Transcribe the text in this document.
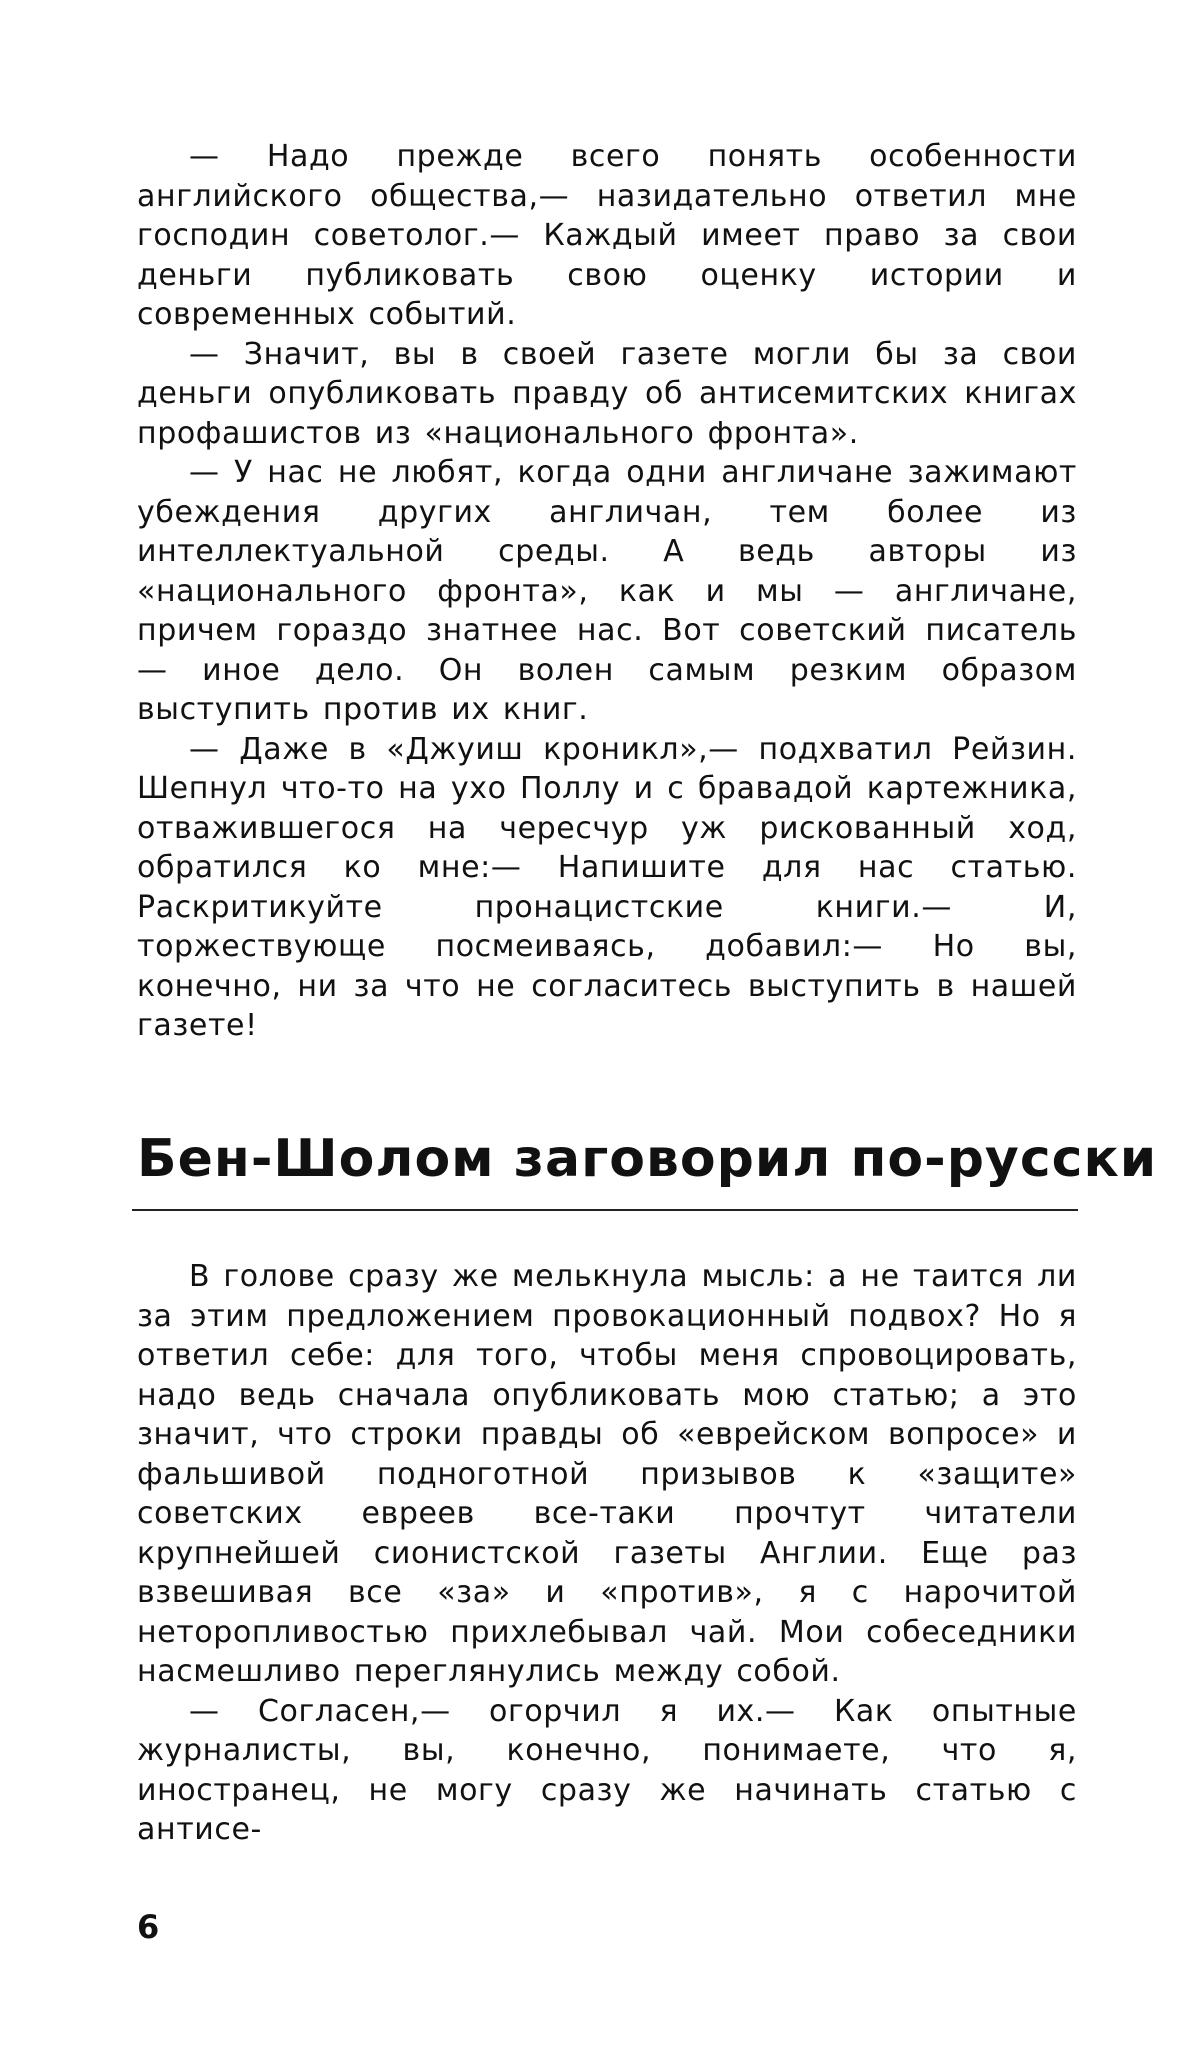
— Надо прежде всего понять особенности английского общества,— назидательно ответил мне господин советолог.— Каждый имеет право за свои деньги публиковать свою оценку истории и современных событий.

— Значит, вы в своей газете могли бы за свои деньги опубликовать правду об антисемитских книгах профашистов из «национального фронта».

— У нас не любят, когда одни англичане зажимают убеждения других англичан, тем более из интеллектуальной среды. А ведь авторы из «национального фронта», как и мы — англичане, причем гораздо знатнее нас. Вот советский писатель — иное дело. Он волен самым резким образом выступить против их книг.

— Даже в «Джуиш кроникл»,— подхватил Рейзин. Шепнул что-то на ухо Поллу и с бравадой картежника, отважившегося на чересчур уж рискованный ход, обратился ко мне:— Напишите для нас статью. Раскритикуйте пронацистские книги.— И, торжествующе посмеиваясь, добавил:— Но вы, конечно, ни за что не согласитесь выступить в нашей газете!

Бен-Шолом заговорил по-русски

В голове сразу же мелькнула мысль: а не таится ли за этим предложением провокационный подвох? Но я ответил себе: для того, чтобы меня спровоцировать, надо ведь сначала опубликовать мою статью; а это значит, что строки правды об «еврейском вопросе» и фальшивой подноготной призывов к «защите» советских евреев все-таки прочтут читатели крупнейшей сионистской газеты Англии. Еще раз взвешивая все «за» и «против», я с нарочитой неторопливостью прихлебывал чай. Мои собеседники насмешливо переглянулись между собой.

— Согласен,— огорчил я их.— Как опытные журналисты, вы, конечно, понимаете, что я, иностранец, не могу сразу же начинать статью с антисе-

6
